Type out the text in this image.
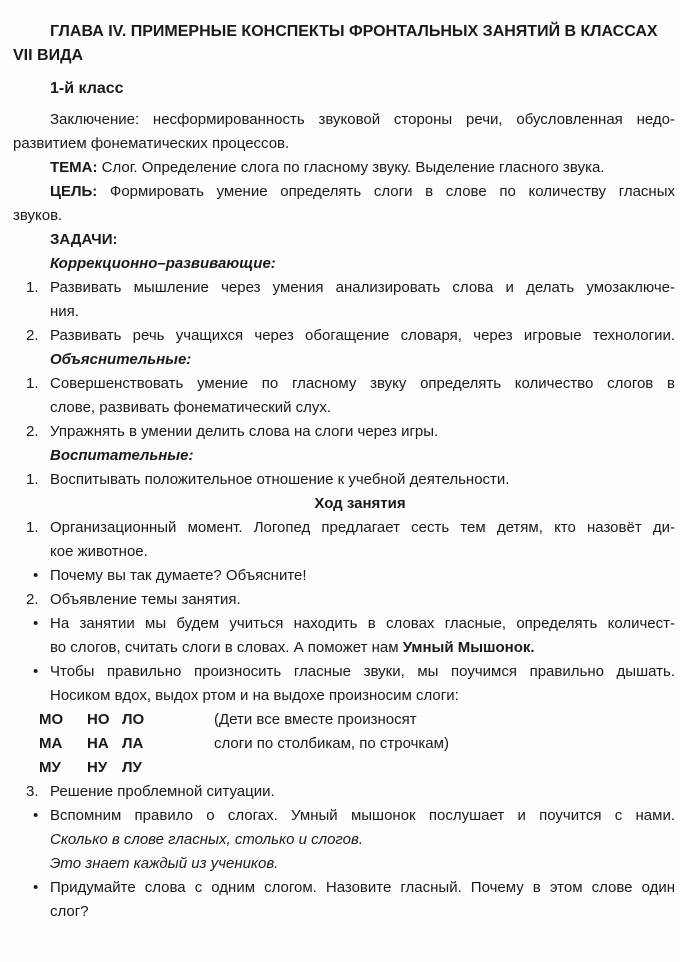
ГЛАВА IV. ПРИМЕРНЫЕ КОНСПЕКТЫ ФРОНТАЛЬНЫХ ЗАНЯТИЙ В КЛАССАХ
VII ВИДА
1-й класс
Заключение: несформированность звуковой стороны речи, обусловленная недо-
развитием фонематических процессов.
ТЕМА: Слог. Определение слога по гласному звуку. Выделение гласного звука.
ЦЕЛЬ: Формировать умение определять слоги в слове по количеству гласных
звуков.
ЗАДАЧИ:
Коррекционно–развивающие:
1. Развивать мышление через умения анализировать слова и делать умозаключе-
ния.
2. Развивать речь учащихся через обогащение словаря, через игровые технологии.
Объяснительные:
1. Совершенствовать умение по гласному звуку определять количество слогов в
слове, развивать фонематический слух.
2. Упражнять в умении делить слова на слоги через игры.
Воспитательные:
1. Воспитывать положительное отношение к учебной деятельности.
Ход занятия
1. Организационный момент. Логопед предлагает сесть тем детям, кто назовёт ди-
кое животное.
• Почему вы так думаете? Объясните!
2. Объявление темы занятия.
• На занятии мы будем учиться находить в словах гласные, определять количест-
во слогов, считать слоги в словах. А поможет нам Умный Мышонок.
• Чтобы правильно произносить гласные звуки, мы поучимся правильно дышать.
Носиком вдох, выдох ртом и на выдохе произносим слоги:
МО НО ЛО	(Дети все вместе произносят
МА НА ЛА	слоги по столбикам, по строчкам)
МУ НУ ЛУ
3. Решение проблемной ситуации.
• Вспомним правило о слогах. Умный мышонок послушает и поучится с нами.
Сколько в слове гласных, столько и слогов.
Это знает каждый из учеников.
• Придумайте слова с одним слогом. Назовите гласный. Почему в этом слове один
слог?
